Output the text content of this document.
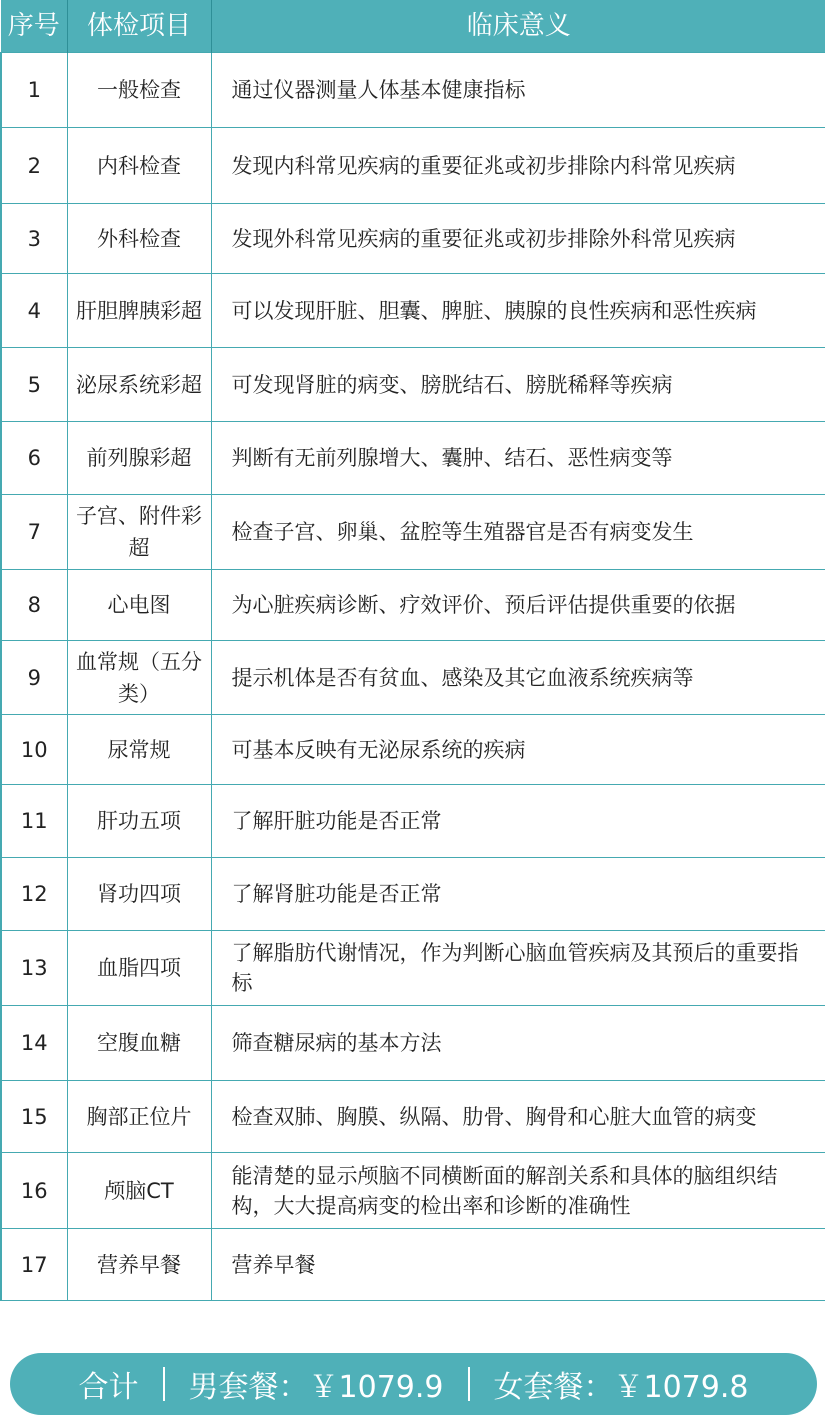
序号	体检项目	临床意义
1	一般检查	通过仪器测量人体基本健康指标
2	内科检查	发现内科常见疾病的重要征兆或初步排除内科常见疾病
3	外科检查	发现外科常见疾病的重要征兆或初步排除外科常见疾病
4	肝胆脾胰彩超	可以发现肝脏、胆囊、脾脏、胰腺的良性疾病和恶性疾病
5	泌尿系统彩超	可发现肾脏的病变、膀胱结石、膀胱稀释等疾病
6	前列腺彩超	判断有无前列腺增大、囊肿、结石、恶性病变等
7	子宫、附件彩超	检查子宫、卵巢、盆腔等生殖器官是否有病变发生
8	心电图	为心脏疾病诊断、疗效评价、预后评估提供重要的依据
9	血常规（五分类）	提示机体是否有贫血、感染及其它血液系统疾病等
10	尿常规	可基本反映有无泌尿系统的疾病
11	肝功五项	了解肝脏功能是否正常
12	肾功四项	了解肾脏功能是否正常
13	血脂四项	了解脂肪代谢情况，作为判断心脑血管疾病及其预后的重要指标
14	空腹血糖	筛查糖尿病的基本方法
15	胸部正位片	检查双肺、胸膜、纵隔、肋骨、胸骨和心脏大血管的病变
16	颅脑CT	能清楚的显示颅脑不同横断面的解剖关系和具体的脑组织结构，大大提高病变的检出率和诊断的准确性
17	营养早餐	营养早餐
合计 男套餐：￥1079.9 女套餐：￥1079.8
